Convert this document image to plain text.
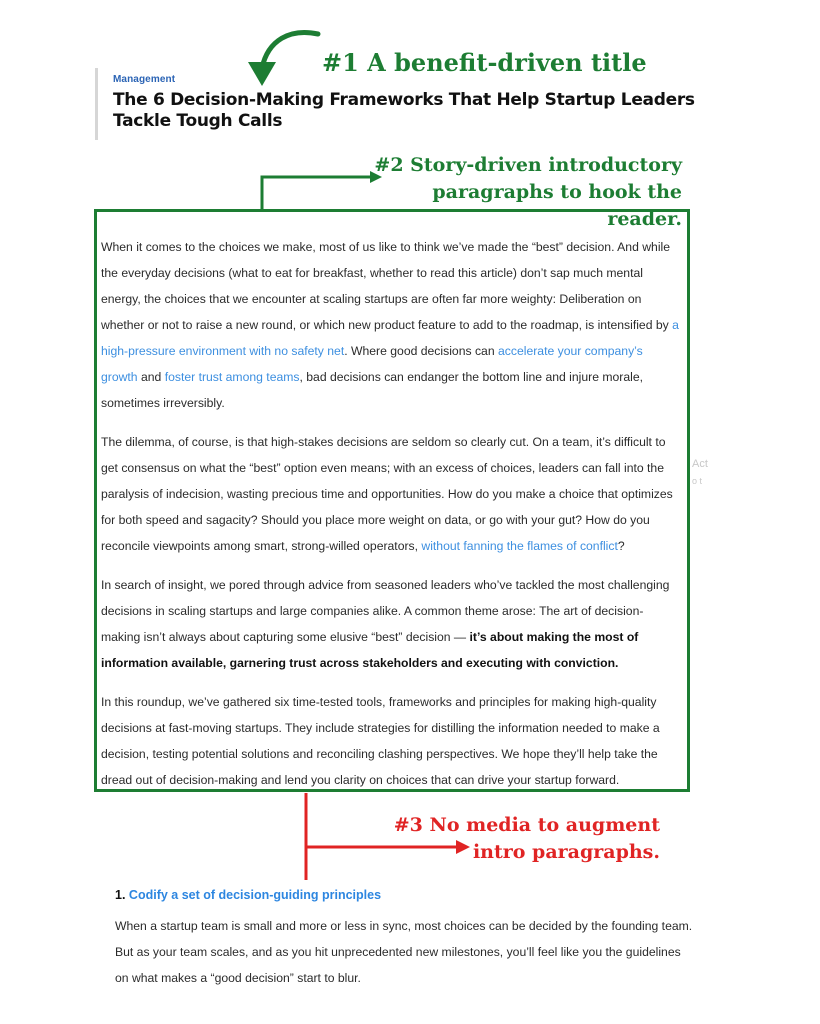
Management
The 6 Decision-Making Frameworks That Help Startup Leaders Tackle Tough Calls
#1 A benefit-driven title
#2 Story-driven introductory paragraphs to hook the reader.
#3 No media to augment intro paragraphs.
Act
o t

When it comes to the choices we make, most of us like to think we’ve made the “best” decision. And while the everyday decisions (what to eat for breakfast, whether to read this article) don’t sap much mental energy, the choices that we encounter at scaling startups are often far more weighty: Deliberation on whether or not to raise a new round, or which new product feature to add to the roadmap, is intensified by a high-pressure environment with no safety net. Where good decisions can accelerate your company’s growth and foster trust among teams, bad decisions can endanger the bottom line and injure morale, sometimes irreversibly.

The dilemma, of course, is that high-stakes decisions are seldom so clearly cut. On a team, it’s difficult to get consensus on what the “best” option even means; with an excess of choices, leaders can fall into the paralysis of indecision, wasting precious time and opportunities. How do you make a choice that optimizes for both speed and sagacity? Should you place more weight on data, or go with your gut? How do you reconcile viewpoints among smart, strong-willed operators, without fanning the flames of conflict?

In search of insight, we pored through advice from seasoned leaders who’ve tackled the most challenging decisions in scaling startups and large companies alike. A common theme arose: The art of decision-making isn’t always about capturing some elusive “best” decision — it’s about making the most of information available, garnering trust across stakeholders and executing with conviction.

In this roundup, we’ve gathered six time-tested tools, frameworks and principles for making high-quality decisions at fast-moving startups. They include strategies for distilling the information needed to make a decision, testing potential solutions and reconciling clashing perspectives. We hope they’ll help take the dread out of decision-making and lend you clarity on choices that can drive your startup forward.

1. Codify a set of decision-guiding principles

When a startup team is small and more or less in sync, most choices can be decided by the founding team. But as your team scales, and as you hit unprecedented new milestones, you’ll feel like you the guidelines on what makes a “good decision” start to blur.
